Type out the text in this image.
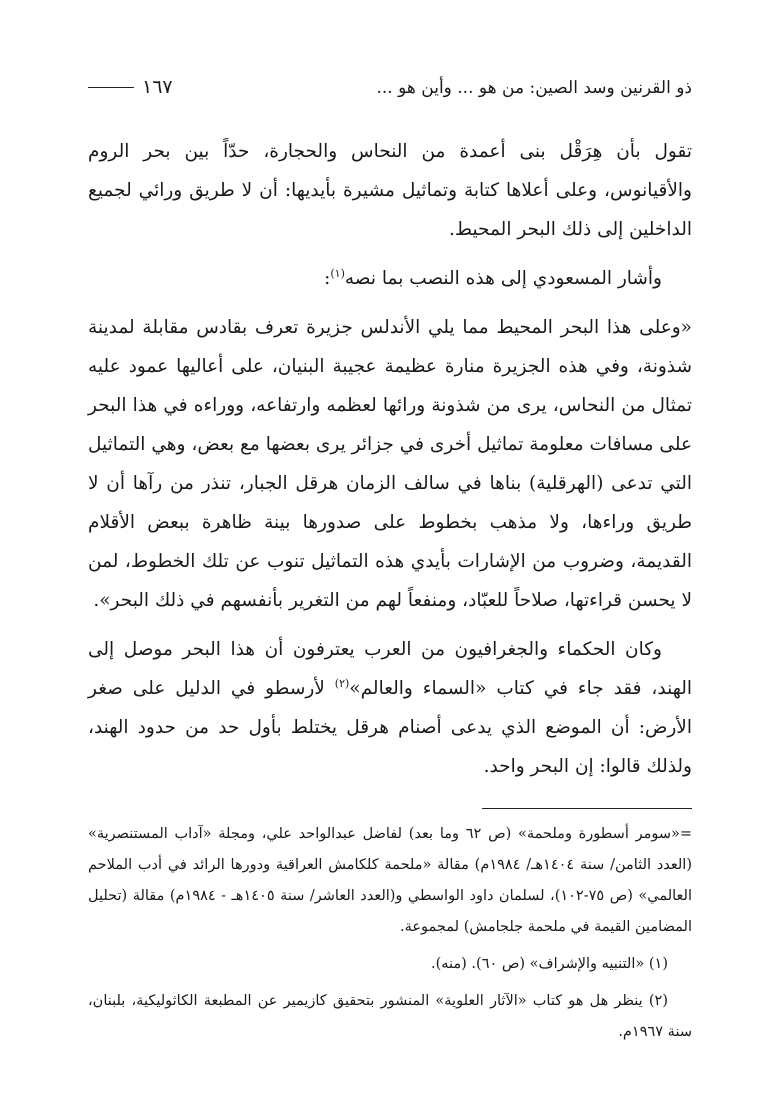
ذو القرنين وسد الصين: من هو ... وأين هو ...
١٦٧

تقول بأن هِرَقْل بنى أعمدة من النحاس والحجارة، حدّاً بين بحر الروم والأقيانوس، وعلى أعلاها كتابة وتماثيل مشيرة بأيديها: أن لا طريق ورائي لجميع الداخلين إلى ذلك البحر المحيط.

وأشار المسعودي إلى هذه النصب بما نصه$^{(١)}$:

«وعلى هذا البحر المحيط مما يلي الأندلس جزيرة تعرف بقادس مقابلة لمدينة شذونة، وفي هذه الجزيرة منارة عظيمة عجيبة البنيان، على أعاليها عمود عليه تمثال من النحاس، يرى من شذونة ورائها لعظمه وارتفاعه، ووراءه في هذا البحر على مسافات معلومة تماثيل أخرى في جزائر يرى بعضها مع بعض، وهي التماثيل التي تدعى (الهرقلية) بناها في سالف الزمان هرقل الجبار، تنذر من رآها أن لا طريق وراءها، ولا مذهب بخطوط على صدورها بينة ظاهرة ببعض الأقلام القديمة، وضروب من الإشارات بأيدي هذه التماثيل تنوب عن تلك الخطوط، لمن لا يحسن قراءتها، صلاحاً للعبّاد، ومنفعاً لهم من التغرير بأنفسهم في ذلك البحر».

وكان الحكماء والجغرافيون من العرب يعترفون أن هذا البحر موصل إلى الهند، فقد جاء في كتاب «السماء والعالم»$^{(٢)}$ لأرسطو في الدليل على صغر الأرض: أن الموضع الذي يدعى أصنام هرقل يختلط بأول حد من حدود الهند، ولذلك قالوا: إن البحر واحد.

=«سومر أسطورة وملحمة» (ص ٦٢ وما بعد) لفاضل عبدالواحد علي، ومجلة «آداب المستنصرية» (العدد الثامن/ سنة ١٤٠٤هـ/ ١٩٨٤م) مقالة «ملحمة كلكامش العراقية ودورها الرائد في أدب الملاحم العالمي» (ص ٧٥-١٠٢)، لسلمان داود الواسطي و(العدد العاشر/ سنة ١٤٠٥هـ - ١٩٨٤م) مقالة (تحليل المضامين القيمة في ملحمة جلجامش) لمجموعة.

(١) «التنبيه والإشراف» (ص ٦٠). (منه).

(٢) ينظر هل هو كتاب «الآثار العلوية» المنشور بتحقيق كازيمير عن المطبعة الكاثوليكية، بلبنان، سنة ١٩٦٧م.
